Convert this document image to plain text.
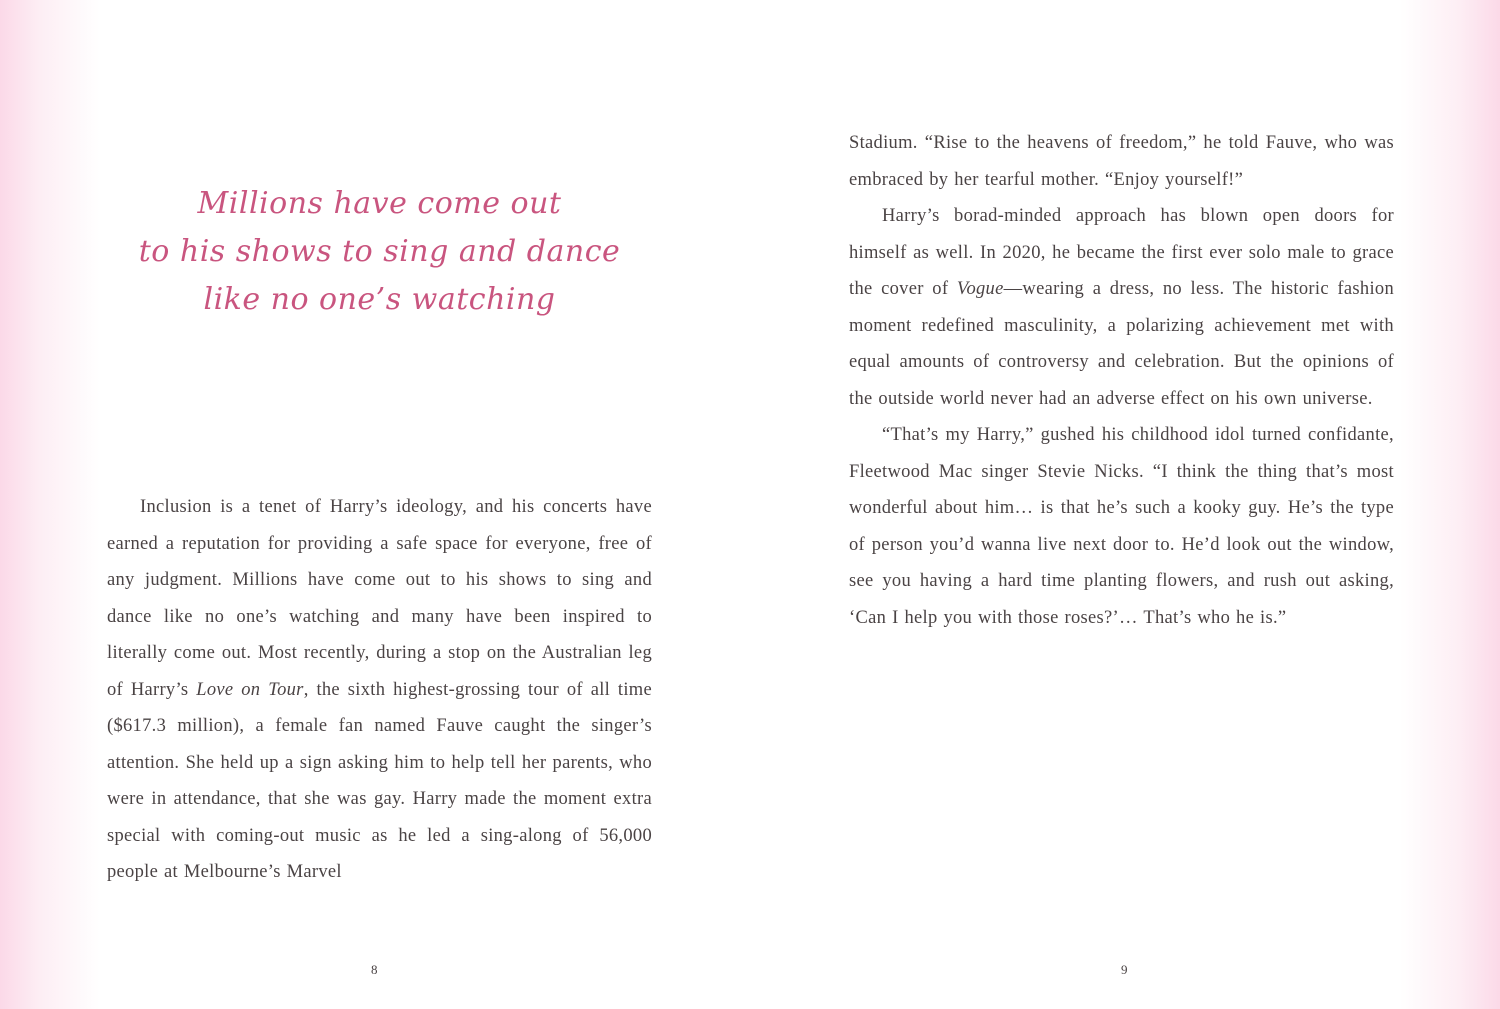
Millions have come out
to his shows to sing and dance
like no one’s watching

Inclusion is a tenet of Harry’s ideology, and his concerts have earned a reputation for providing a safe space for everyone, free of any judgment. Millions have come out to his shows to sing and dance like no one’s watching and many have been inspired to literally come out. Most recently, during a stop on the Australian leg of Harry’s Love on Tour, the sixth highest-grossing tour of all time ($617.3 million), a female fan named Fauve caught the singer’s attention. She held up a sign asking him to help tell her parents, who were in attendance, that she was gay. Harry made the moment extra special with coming-out music as he led a sing-along of 56,000 people at Melbourne’s Marvel

8

Stadium. “Rise to the heavens of freedom,” he told Fauve, who was embraced by her tearful mother. “Enjoy yourself!”

Harry’s borad-minded approach has blown open doors for himself as well. In 2020, he became the first ever solo male to grace the cover of Vogue—wearing a dress, no less. The historic fashion moment redefined masculinity, a polarizing achievement met with equal amounts of controversy and celebration. But the opinions of the outside world never had an adverse effect on his own universe.

“That’s my Harry,” gushed his childhood idol turned confidante, Fleetwood Mac singer Stevie Nicks. “I think the thing that’s most wonderful about him… is that he’s such a kooky guy. He’s the type of person you’d wanna live next door to. He’d look out the window, see you having a hard time planting flowers, and rush out asking, ‘Can I help you with those roses?’… That’s who he is.”

9
